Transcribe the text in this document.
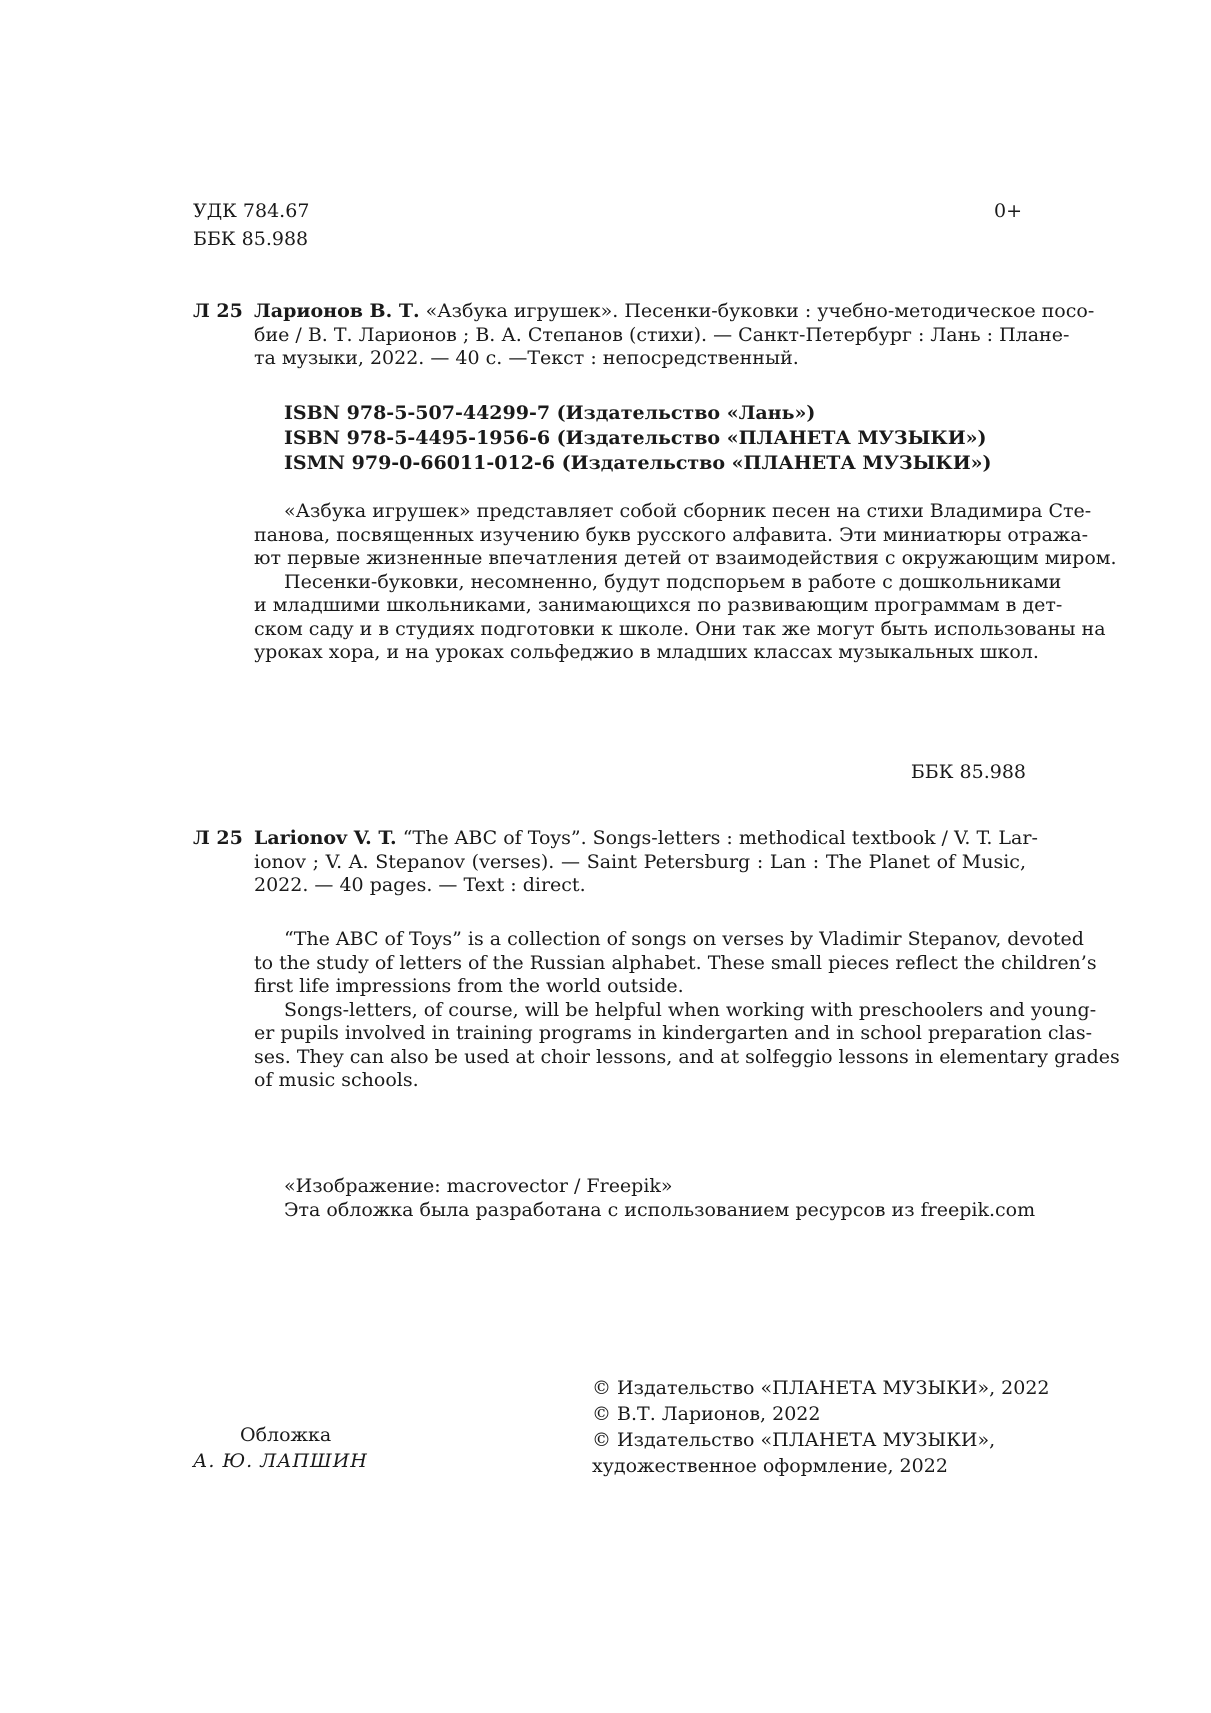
УДК 784.67
ББК 85.988
0+
Л 25 Ларионов В. Т. «Азбука игрушек». Песенки-буковки : учебно-методическое посо-
бие / В. Т. Ларионов ; В. А. Степанов (стихи). — Санкт-Петербург : Лань : Плане-
та музыки, 2022. — 40 с. —Текст : непосредственный.
ISBN 978-5-507-44299-7 (Издательство «Лань»)
ISBN 978-5-4495-1956-6 (Издательство «ПЛАНЕТА МУЗЫКИ»)
ISMN 979-0-66011-012-6 (Издательство «ПЛАНЕТА МУЗЫКИ»)
«Азбука игрушек» представляет собой сборник песен на стихи Владимира Сте-
панова, посвященных изучению букв русского алфавита. Эти миниатюры отража-
ют первые жизненные впечатления детей от взаимодействия с окружающим миром.
Песенки-буковки, несомненно, будут подспорьем в работе с дошкольниками
и младшими школьниками, занимающихся по развивающим программам в дет-
ском саду и в студиях подготовки к школе. Они так же могут быть использованы на
уроках хора, и на уроках сольфеджио в младших классах музыкальных школ.
ББК 85.988
Л 25 Larionov V. T. “The ABC of Toys”. Songs-letters : methodical textbook / V. T. Lar-
ionov ; V. A. Stepanov (verses). — Saint Petersburg : Lan : The Planet of Music,
2022. — 40 pages. — Text : direct.
“The ABC of Toys” is a collection of songs on verses by Vladimir Stepanov, devoted
to the study of letters of the Russian alphabet. These small pieces reflect the children’s
first life impressions from the world outside.
Songs-letters, of course, will be helpful when working with preschoolers and young-
er pupils involved in training programs in kindergarten and in school preparation clas-
ses. They can also be used at choir lessons, and at solfeggio lessons in elementary grades
of music schools.
«Изображение: macrovector / Freepik»
Эта обложка была разработана с использованием ресурсов из freepik.com
© Издательство «ПЛАНЕТА МУЗЫКИ», 2022
© В.Т. Ларионов, 2022
© Издательство «ПЛАНЕТА МУЗЫКИ»,
художественное оформление, 2022
Обложка
А. Ю. ЛАПШИН
